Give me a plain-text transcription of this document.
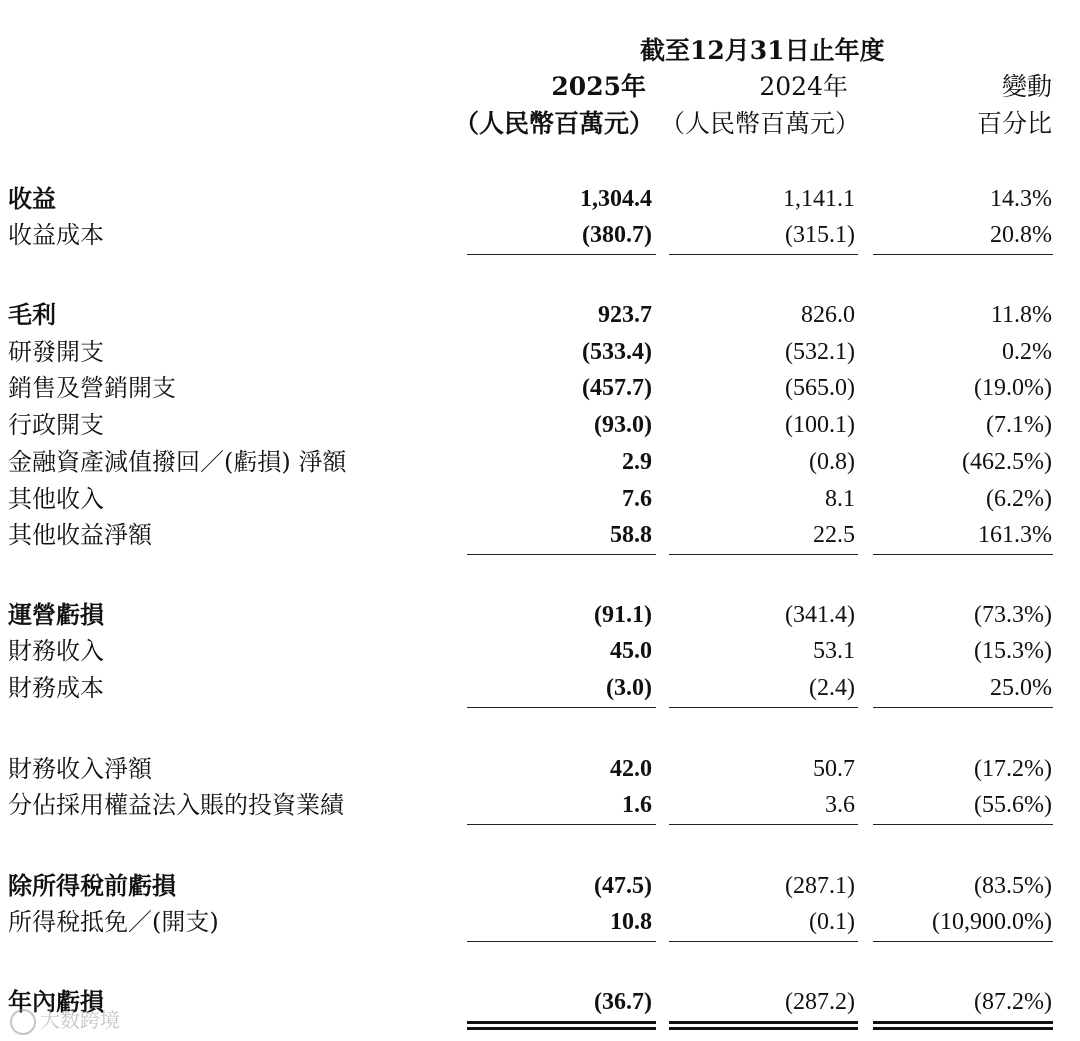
截至12月31日止年度
2025年	2024年	變動
（人民幣百萬元） （人民幣百萬元）	百分比
收益	1,304.4	1,141.1	14.3%
收益成本	(380.7)	(315.1)	20.8%
毛利	923.7	826.0	11.8%
研發開支	(533.4)	(532.1)	0.2%
銷售及營銷開支	(457.7)	(565.0)	(19.0%)
行政開支	(93.0)	(100.1)	(7.1%)
金融資產減值撥回／(虧損) 淨額	2.9	(0.8)	(462.5%)
其他收入	7.6	8.1	(6.2%)
其他收益淨額	58.8	22.5	161.3%
運營虧損	(91.1)	(341.4)	(73.3%)
財務收入	45.0	53.1	(15.3%)
財務成本	(3.0)	(2.4)	25.0%
財務收入淨額	42.0	50.7	(17.2%)
分佔採用權益法入賬的投資業績	1.6	3.6	(55.6%)
除所得稅前虧損	(47.5)	(287.1)	(83.5%)
所得稅抵免／(開支)	10.8	(0.1)	(10,900.0%)
年內虧損	(36.7)	(287.2)	(87.2%)
大数跨境
